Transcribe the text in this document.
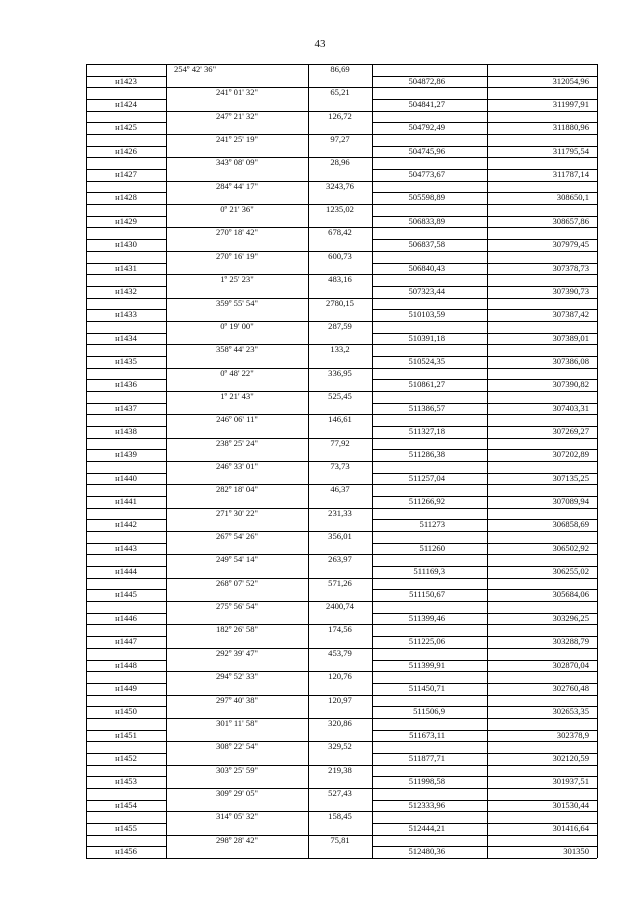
43
254º 42' 36"	86,69
н1423	504872,86	312054,96
241º 01' 32"	65,21
н1424	504841,27	311997,91
247º 21' 32"	126,72
н1425	504792,49	311880,96
241º 25' 19"	97,27
н1426	504745,96	311795,54
343º 08' 09"	28,96
н1427	504773,67	311787,14
284º 44' 17"	3243,76
н1428	505598,89	308650,1
0º 21' 36"	1235,02
н1429	506833,89	308657,86
270º 18' 42"	678,42
н1430	506837,58	307979,45
270º 16' 19"	600,73
н1431	506840,43	307378,73
1º 25' 23"	483,16
н1432	507323,44	307390,73
359º 55' 54"	2780,15
н1433	510103,59	307387,42
0º 19' 00"	287,59
н1434	510391,18	307389,01
358º 44' 23"	133,2
н1435	510524,35	307386,08
0º 48' 22"	336,95
н1436	510861,27	307390,82
1º 21' 43"	525,45
н1437	511386,57	307403,31
246º 06' 11"	146,61
н1438	511327,18	307269,27
238º 25' 24"	77,92
н1439	511286,38	307202,89
246º 33' 01"	73,73
н1440	511257,04	307135,25
282º 18' 04"	46,37
н1441	511266,92	307089,94
271º 30' 22"	231,33
н1442	511273	306858,69
267º 54' 26"	356,01
н1443	511260	306502,92
249º 54' 14"	263,97
н1444	511169,3	306255,02
268º 07' 52"	571,26
н1445	511150,67	305684,06
275º 56' 54"	2400,74
н1446	511399,46	303296,25
182º 26' 58"	174,56
н1447	511225,06	303288,79
292º 39' 47"	453,79
н1448	511399,91	302870,04
294º 52' 33"	120,76
н1449	511450,71	302760,48
297º 40' 38"	120,97
н1450	511506,9	302653,35
301º 11' 58"	320,86
н1451	511673,11	302378,9
308º 22' 54"	329,52
н1452	511877,71	302120,59
303º 25' 59"	219,38
н1453	511998,58	301937,51
309º 29' 05"	527,43
н1454	512333,96	301530,44
314º 05' 32"	158,45
н1455	512444,21	301416,64
298º 28' 42"	75,81
н1456	512480,36	301350
